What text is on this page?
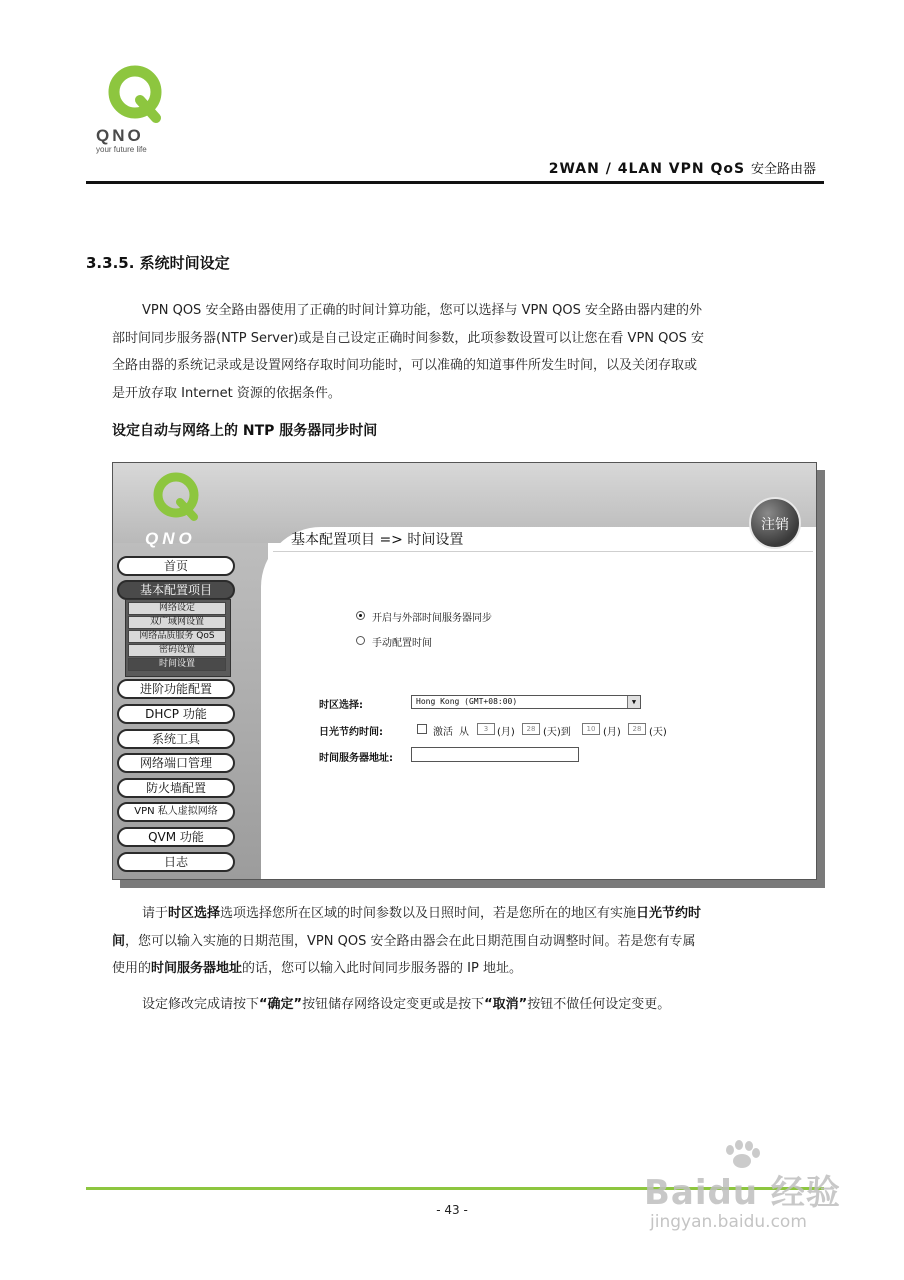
QNO
your future life
2WAN / 4LAN VPN QoS 安全路由器
3.3.5. 系统时间设定
VPN QOS 安全路由器使用了正确的时间计算功能，您可以选择与 VPN QOS 安全路由器内建的外
部时间同步服务器(NTP Server)或是自己设定正确时间参数，此项参数设置可以让您在看 VPN QOS 安
全路由器的系统记录或是设置网络存取时间功能时，可以准确的知道事件所发生时间，以及关闭存取或
是开放存取 Internet 资源的依据条件。
设定自动与网络上的 NTP 服务器同步时间
QNO
注销
基本配置项目 => 时间设置
首页
基本配置项目
网络设定
双广域网设置
网络品质服务 QoS
密码设置
时间设置
进阶功能配置
DHCP 功能
系统工具
网络端口管理
防火墙配置
VPN 私人虚拟网络
QVM 功能
日志
开启与外部时间服务器同步
手动配置时间
时区选择:	Hong Kong (GMT+08:00)	▼
日光节约时间:	激活 从	3 (月)	28 (天)到	10 (月)	28 (天)
时间服务器地址:
请于时区选择选项选择您所在区域的时间参数以及日照时间，若是您所在的地区有实施日光节约时
间，您可以输入实施的日期范围，VPN QOS 安全路由器会在此日期范围自动调整时间。若是您有专属
使用的时间服务器地址的话，您可以输入此时间同步服务器的 IP 地址。
设定修改完成请按下“确定”按钮储存网络设定变更或是按下“取消”按钮不做任何设定变更。
- 43 -	Baidu 经验
jingyan.baidu.com
